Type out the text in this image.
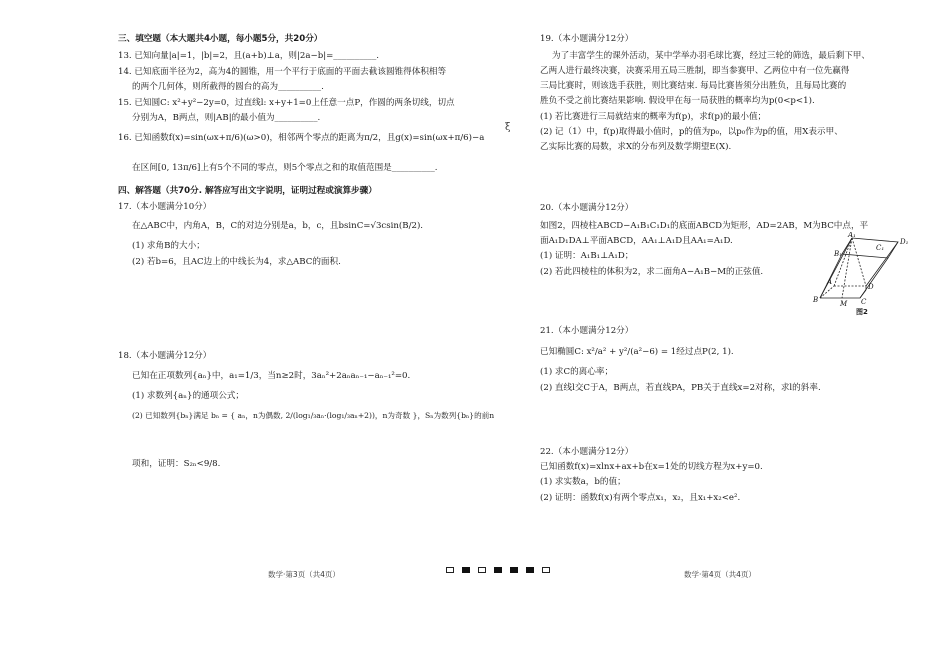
三、填空题（本大题共4小题，每小题5分，共20分）
13. 已知向量|a|=1，|b|=2，且(a+b)⊥a，则|2a−b|=__________.
14. 已知底面半径为2，高为4的圆锥，用一个平行于底面的平面去截该圆锥得体积相等
的两个几何体，则所截得的圆台的高为__________.
15. 已知圆C: x²+y²−2y=0，过直线l: x+y+1=0上任意一点P，作圆的两条切线，切点
分别为A，B两点，则|AB|的最小值为__________.
16. 已知函数f(x)=sin(ωx+π/6)(ω>0)，相邻两个零点的距离为π/2，且g(x)=sin(ωx+π/6)−a
在区间[0, 13π/6]上有5个不同的零点，则5个零点之和的取值范围是__________.
四、解答题（共70分. 解答应写出文字说明，证明过程或演算步骤）
17.（本小题满分10分）
在△ABC中，内角A，B，C的对边分别是a，b，c，且bsinC=√3csin(B/2).
(1) 求角B的大小；
(2) 若b=6，且AC边上的中线长为4，求△ABC的面积.
18.（本小题满分12分）
已知在正项数列{aₙ}中，a₁=1/3，当n≥2时，3aₙ²+2aₙaₙ₋₁−aₙ₋₁²=0.
(1) 求数列{aₙ}的通项公式；
(2) 已知数列{bₙ}满足 bₙ = { aₙ，n为偶数, 2/(log₁/₃aₙ·(log₁/₃aₙ+2))，n为奇数 }，Sₙ为数列{bₙ}的前n
项和，证明：S₂ₙ<9/8.
ξ
19.（本小题满分12分）
为了丰富学生的课外活动，某中学举办羽毛球比赛，经过三轮的筛选，最后剩下甲、
乙两人进行最终决赛，决赛采用五局三胜制，即当参赛甲、乙两位中有一位先赢得
三局比赛时，则该选手获胜，则比赛结束. 每局比赛皆须分出胜负，且每局比赛的
胜负不受之前比赛结果影响. 假设甲在每一局获胜的概率均为p(0<p<1).
(1) 若比赛进行三局就结束的概率为f(p)，求f(p)的最小值；
(2) 记（1）中，f(p)取得最小值时，p的值为p₀，以p₀作为p的值，用X表示甲、
乙实际比赛的局数，求X的分布列及数学期望E(X).
20.（本小题满分12分）
如图2，四棱柱ABCD−A₁B₁C₁D₁的底面ABCD为矩形，AD=2AB，M为BC中点，平
面A₁D₁DA⊥平面ABCD，AA₁⊥A₁D且AA₁=A₁D.
(1) 证明：A₁B₁⊥A₁D；
(2) 若此四棱柱的体积为2，求二面角A−A₁B−M的正弦值.
21.（本小题满分12分）
已知椭圆C: x²/a² + y²/(a²−6) = 1经过点P(2, 1).
(1) 求C的离心率；
(2) 直线l交C于A，B两点，若直线PA，PB关于直线x=2对称，求l的斜率.
22.（本小题满分12分）
已知函数f(x)=xlnx+ax+b在x=1处的切线方程为x+y=0.
(1) 求实数a，b的值；
(2) 证明：函数f(x)有两个零点x₁，x₂，且x₁+x₂<e².
A₁
D₁
C₁
B₁
A
D
B	M C
图2
数学·第3页（共4页）	数学·第4页（共4页）
